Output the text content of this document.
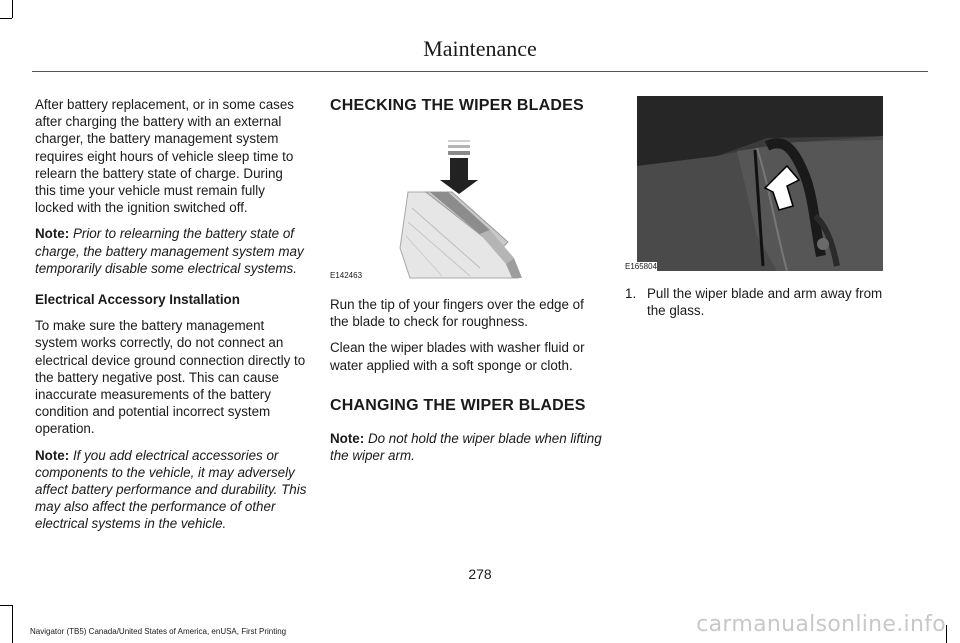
Maintenance

After battery replacement, or in some cases after charging the battery with an external charger, the battery management system requires eight hours of vehicle sleep time to relearn the battery state of charge. During this time your vehicle must remain fully locked with the ignition switched off.

Note: Prior to relearning the battery state of charge, the battery management system may temporarily disable some electrical systems.

Electrical Accessory Installation

To make sure the battery management system works correctly, do not connect an electrical device ground connection directly to the battery negative post. This can cause inaccurate measurements of the battery condition and potential incorrect system operation.

Note: If you add electrical accessories or components to the vehicle, it may adversely affect battery performance and durability. This may also affect the performance of other electrical systems in the vehicle.

CHECKING THE WIPER BLADES

E142463

Run the tip of your fingers over the edge of the blade to check for roughness.

Clean the wiper blades with washer fluid or water applied with a soft sponge or cloth.

CHANGING THE WIPER BLADES

Note: Do not hold the wiper blade when lifting the wiper arm.

E165804
1. Pull the wiper blade and arm away from the glass.
278
Navigator (TB5) Canada/United States of America, enUSA, First Printing	carmanualsonline.info
